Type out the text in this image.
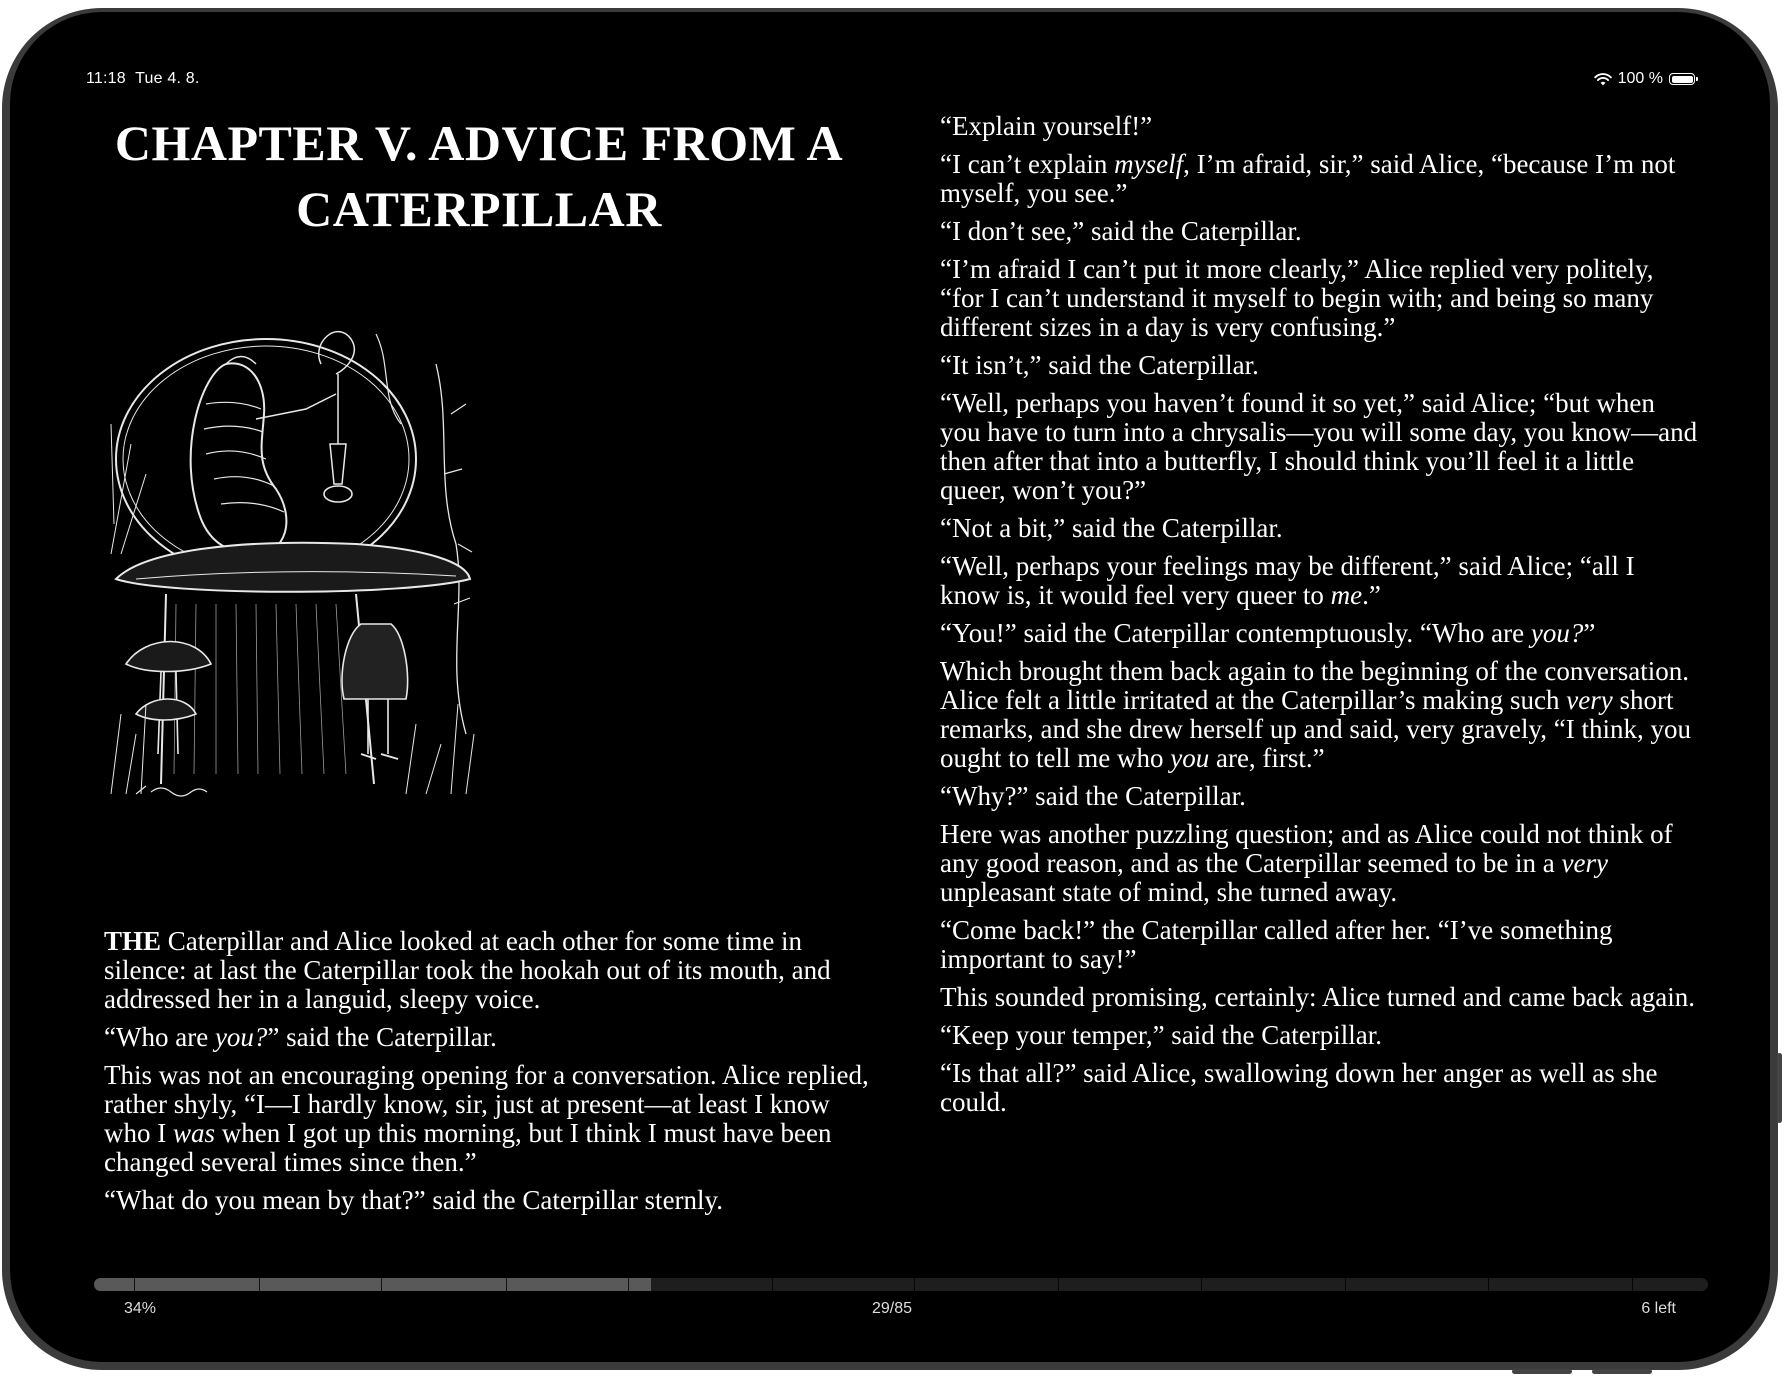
11:18 Tue 4. 8.	100 %
CHAPTER V. ADVICE FROM A CATERPILLAR

THE Caterpillar and Alice looked at each other for some time in silence: at last the Caterpillar took the hookah out of its mouth, and addressed her in a languid, sleepy voice.

“Who are you?” said the Caterpillar.

This was not an encouraging opening for a conversation. Alice replied, rather shyly, “I—I hardly know, sir, just at present—at least I know who I was when I got up this morning, but I think I must have been changed several times since then.”

“What do you mean by that?” said the Caterpillar sternly.

“Explain yourself!”

“I can’t explain myself, I’m afraid, sir,” said Alice, “because I’m not myself, you see.”

“I don’t see,” said the Caterpillar.

“I’m afraid I can’t put it more clearly,” Alice replied very politely, “for I can’t understand it myself to begin with; and being so many different sizes in a day is very confusing.”

“It isn’t,” said the Caterpillar.

“Well, perhaps you haven’t found it so yet,” said Alice; “but when you have to turn into a chrysalis—you will some day, you know—and then after that into a butterfly, I should think you’ll feel it a little queer, won’t you?”

“Not a bit,” said the Caterpillar.

“Well, perhaps your feelings may be different,” said Alice; “all I know is, it would feel very queer to me.”

“You!” said the Caterpillar contemptuously. “Who are you?”

Which brought them back again to the beginning of the conversation. Alice felt a little irritated at the Caterpillar’s making such very short remarks, and she drew herself up and said, very gravely, “I think, you ought to tell me who you are, first.”

“Why?” said the Caterpillar.

Here was another puzzling question; and as Alice could not think of any good reason, and as the Caterpillar seemed to be in a very unpleasant state of mind, she turned away.

“Come back!” the Caterpillar called after her. “I’ve something important to say!”

This sounded promising, certainly: Alice turned and came back again.

“Keep your temper,” said the Caterpillar.

“Is that all?” said Alice, swallowing down her anger as well as she could.

34%	29/85	6 left
